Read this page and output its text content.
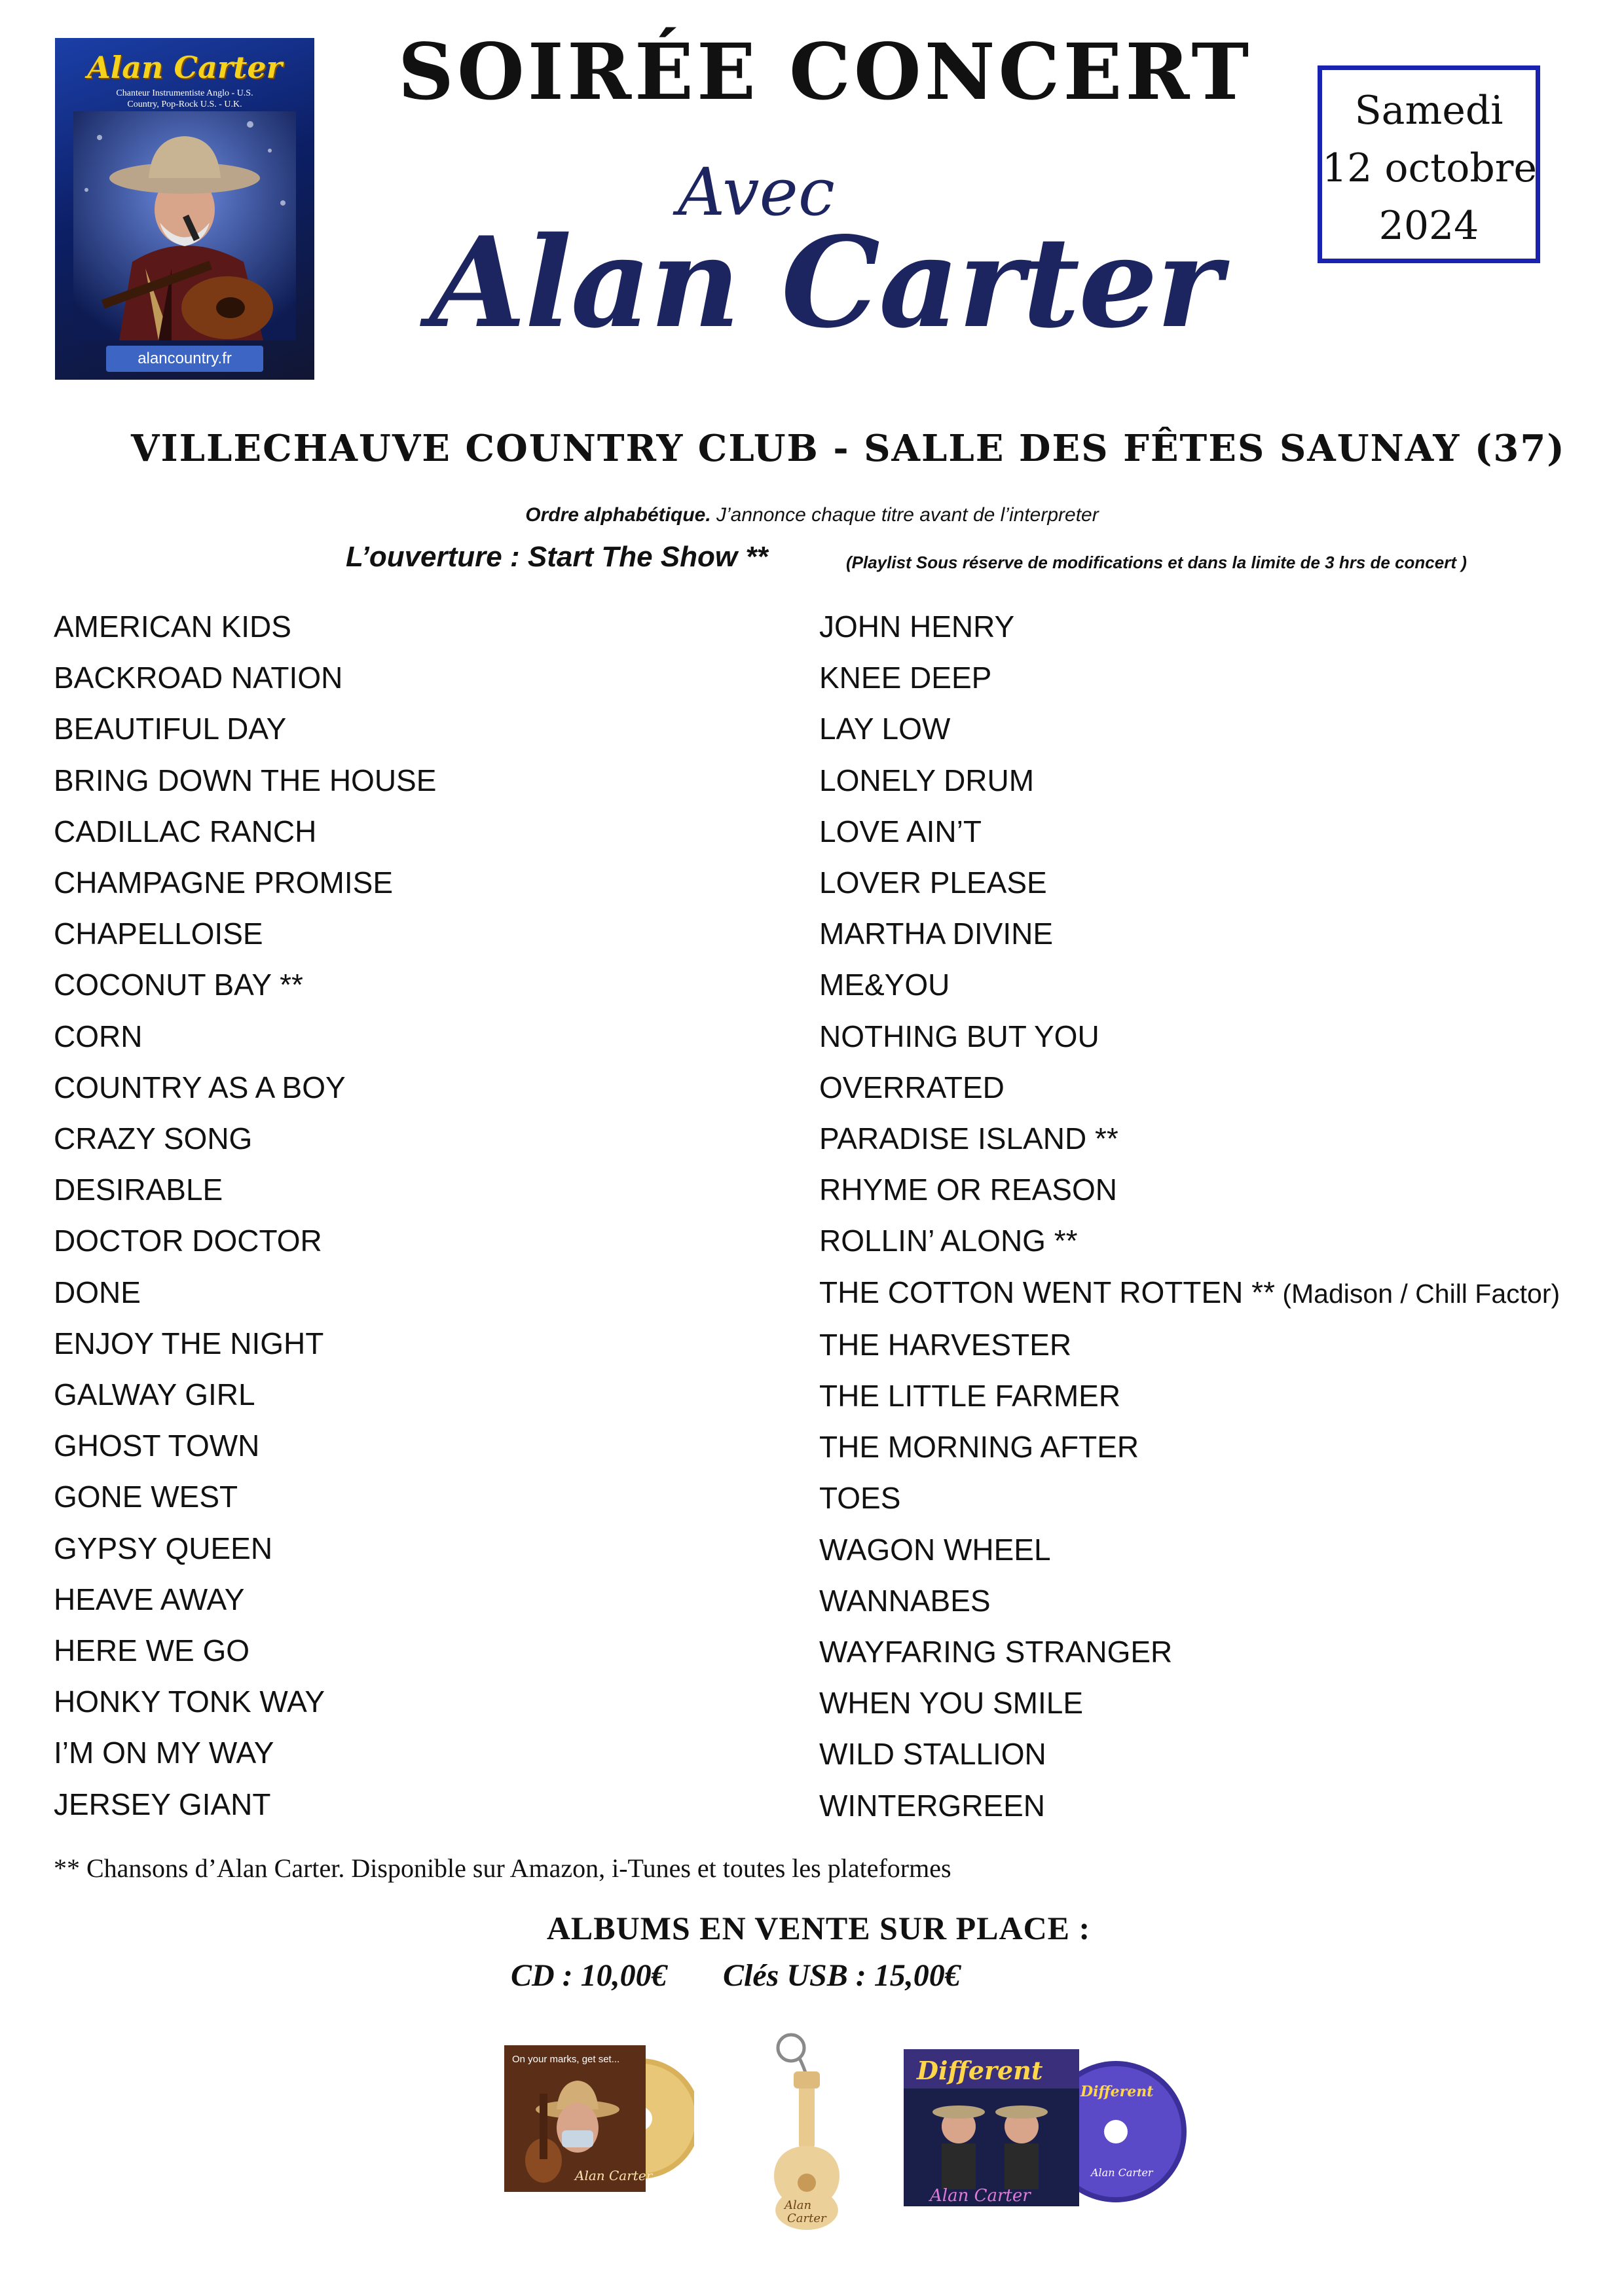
Alan Carter
Chanteur Instrumentiste Anglo - U.S.
Country, Pop-Rock U.S. - U.K.
alancountry.fr
SOIRÉE CONCERT
Avec
Alan Carter
Samedi
12 octobre
2024
VILLECHAUVE COUNTRY CLUB - SALLE DES FÊTES SAUNAY (37)
Ordre alphabétique. J’annonce chaque titre avant de l’interpreter
L’ouverture : Start The Show **	(Playlist Sous réserve de modifications et dans la limite de 3 hrs de concert )
AMERICAN KIDS
BACKROAD NATION
BEAUTIFUL DAY
BRING DOWN THE HOUSE
CADILLAC RANCH
CHAMPAGNE PROMISE
CHAPELLOISE
COCONUT BAY **
CORN
COUNTRY AS A BOY
CRAZY SONG
DESIRABLE
DOCTOR DOCTOR
DONE
ENJOY THE NIGHT
GALWAY GIRL
GHOST TOWN
GONE WEST
GYPSY QUEEN
HEAVE AWAY
HERE WE GO
HONKY TONK WAY
I’M ON MY WAY
JERSEY GIANT
JOHN HENRY
KNEE DEEP
LAY LOW
LONELY DRUM
LOVE AIN’T
LOVER PLEASE
MARTHA DIVINE
ME&YOU
NOTHING BUT YOU
OVERRATED
PARADISE ISLAND **
RHYME OR REASON
ROLLIN’ ALONG **
THE COTTON WENT ROTTEN ** (Madison / Chill Factor)
THE HARVESTER
THE LITTLE FARMER
THE MORNING AFTER
TOES
WAGON WHEEL
WANNABES
WAYFARING STRANGER
WHEN YOU SMILE
WILD STALLION
WINTERGREEN
** Chansons d’Alan Carter. Disponible sur Amazon, i-Tunes et toutes les plateformes
ALBUMS EN VENTE SUR PLACE :
CD : 10,00€ Clés USB : 15,00€
On your marks, get set...
Alan Carter
Alan
Carter
Different
Alan Carter
Different
Alan Carter
